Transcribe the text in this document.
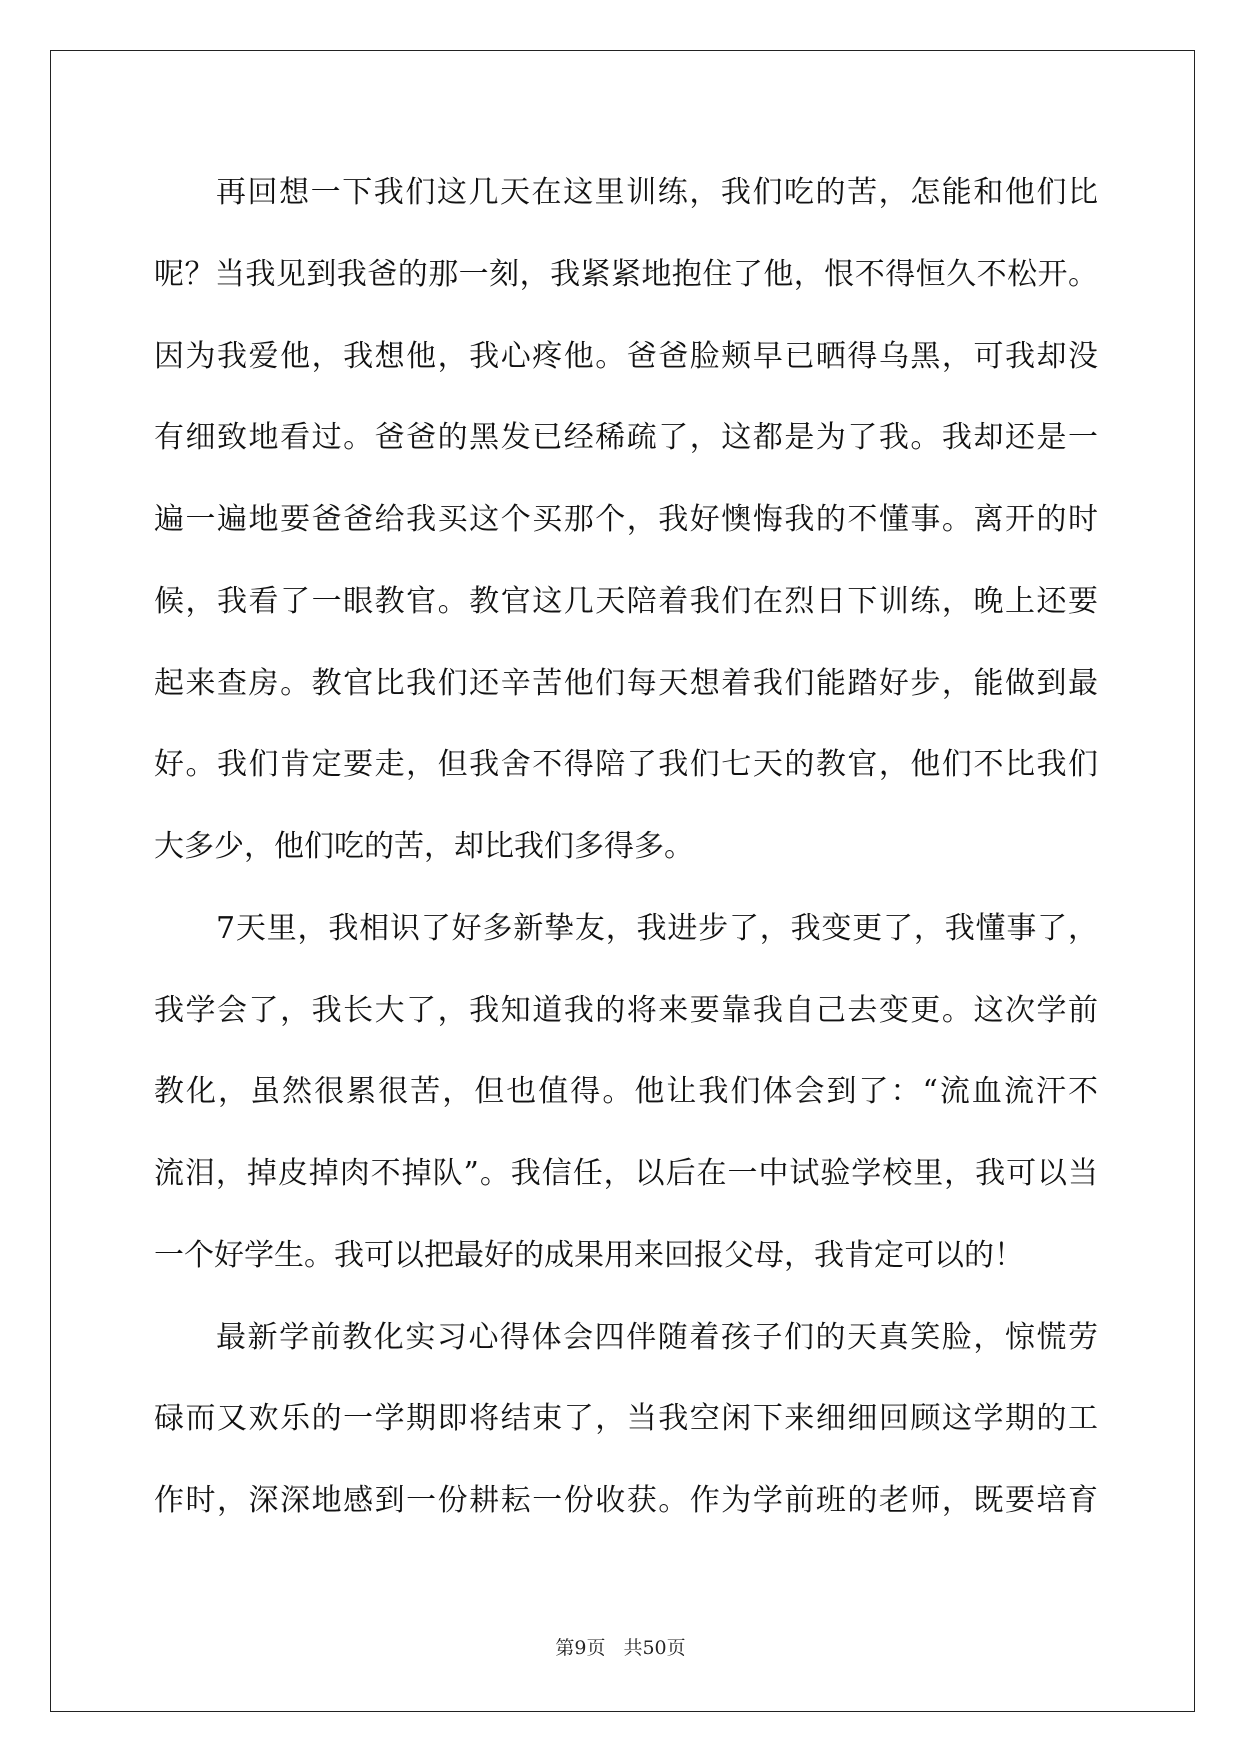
再回想一下我们这几天在这里训练，我们吃的苦，怎能和他们比
呢？当我见到我爸的那一刻，我紧紧地抱住了他，恨不得恒久不松开。
因为我爱他，我想他，我心疼他。爸爸脸颊早已晒得乌黑，可我却没
有细致地看过。爸爸的黑发已经稀疏了，这都是为了我。我却还是一
遍一遍地要爸爸给我买这个买那个，我好懊悔我的不懂事。离开的时
候，我看了一眼教官。教官这几天陪着我们在烈日下训练，晚上还要
起来查房。教官比我们还辛苦他们每天想着我们能踏好步，能做到最
好。我们肯定要走，但我舍不得陪了我们七天的教官，他们不比我们
大多少，他们吃的苦，却比我们多得多。
7天里，我相识了好多新挚友，我进步了，我变更了，我懂事了，
我学会了，我长大了，我知道我的将来要靠我自己去变更。这次学前
教化，虽然很累很苦，但也值得。他让我们体会到了：“流血流汗不
流泪，掉皮掉肉不掉队”。我信任，以后在一中试验学校里，我可以当
一个好学生。我可以把最好的成果用来回报父母，我肯定可以的！
最新学前教化实习心得体会四伴随着孩子们的天真笑脸，惊慌劳
碌而又欢乐的一学期即将结束了，当我空闲下来细细回顾这学期的工
作时，深深地感到一份耕耘一份收获。作为学前班的老师，既要培育
第9页 共50页
